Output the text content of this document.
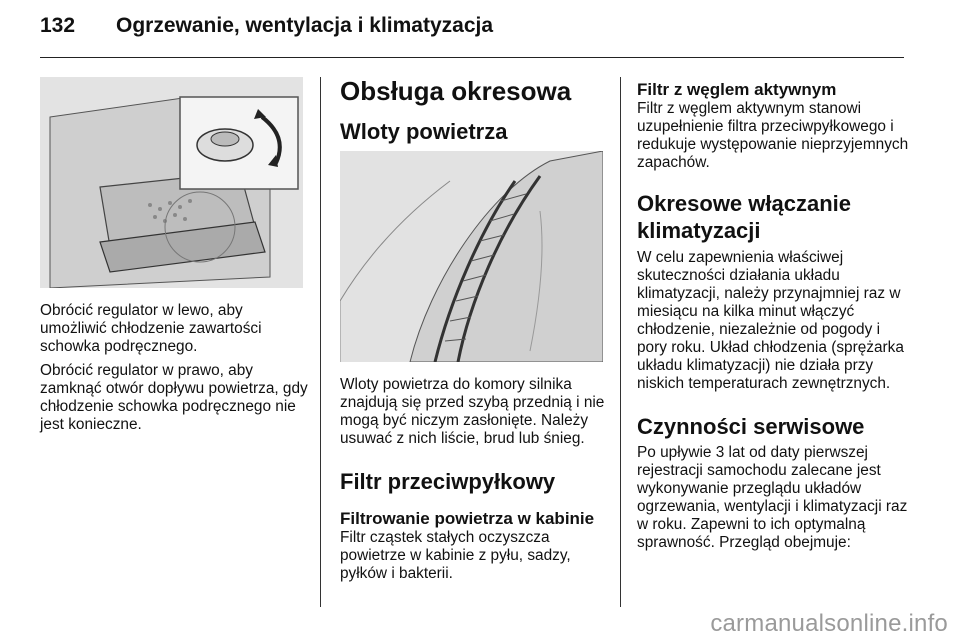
132 Ogrzewanie, wentylacja i klimatyzacja

Obrócić regulator w lewo, aby umożliwić chłodzenie zawartości schowka podręcznego.

Obrócić regulator w prawo, aby zamknąć otwór dopływu powietrza, gdy chłodzenie schowka podręcznego nie jest konieczne.

Obsługa okresowa
Wloty powietrza

Wloty powietrza do komory silnika znajdują się przed szybą przednią i nie mogą być niczym zasłonięte. Należy usuwać z nich liście, brud lub śnieg.

Filtr przeciwpyłkowy
Filtrowanie powietrza w kabinie

Filtr cząstek stałych oczyszcza powietrze w kabinie z pyłu, sadzy, pyłków i bakterii.

Filtr z węglem aktywnym

Filtr z węglem aktywnym stanowi uzupełnienie filtra przeciwpyłkowego i redukuje występowanie nieprzyjemnych zapachów.

Okresowe włączanie klimatyzacji

W celu zapewnienia właściwej skuteczności działania układu klimatyzacji, należy przynajmniej raz w miesiącu na kilka minut włączyć chłodzenie, niezależnie od pogody i pory roku. Układ chłodzenia (sprężarka układu klimatyzacji) nie działa przy niskich temperaturach zewnętrznych.

Czynności serwisowe

Po upływie 3 lat od daty pierwszej rejestracji samochodu zalecane jest wykonywanie przeglądu układów ogrzewania, wentylacji i klimatyzacji raz w roku. Zapewni to ich optymalną sprawność. Przegląd obejmuje:

carmanualsonline.info
